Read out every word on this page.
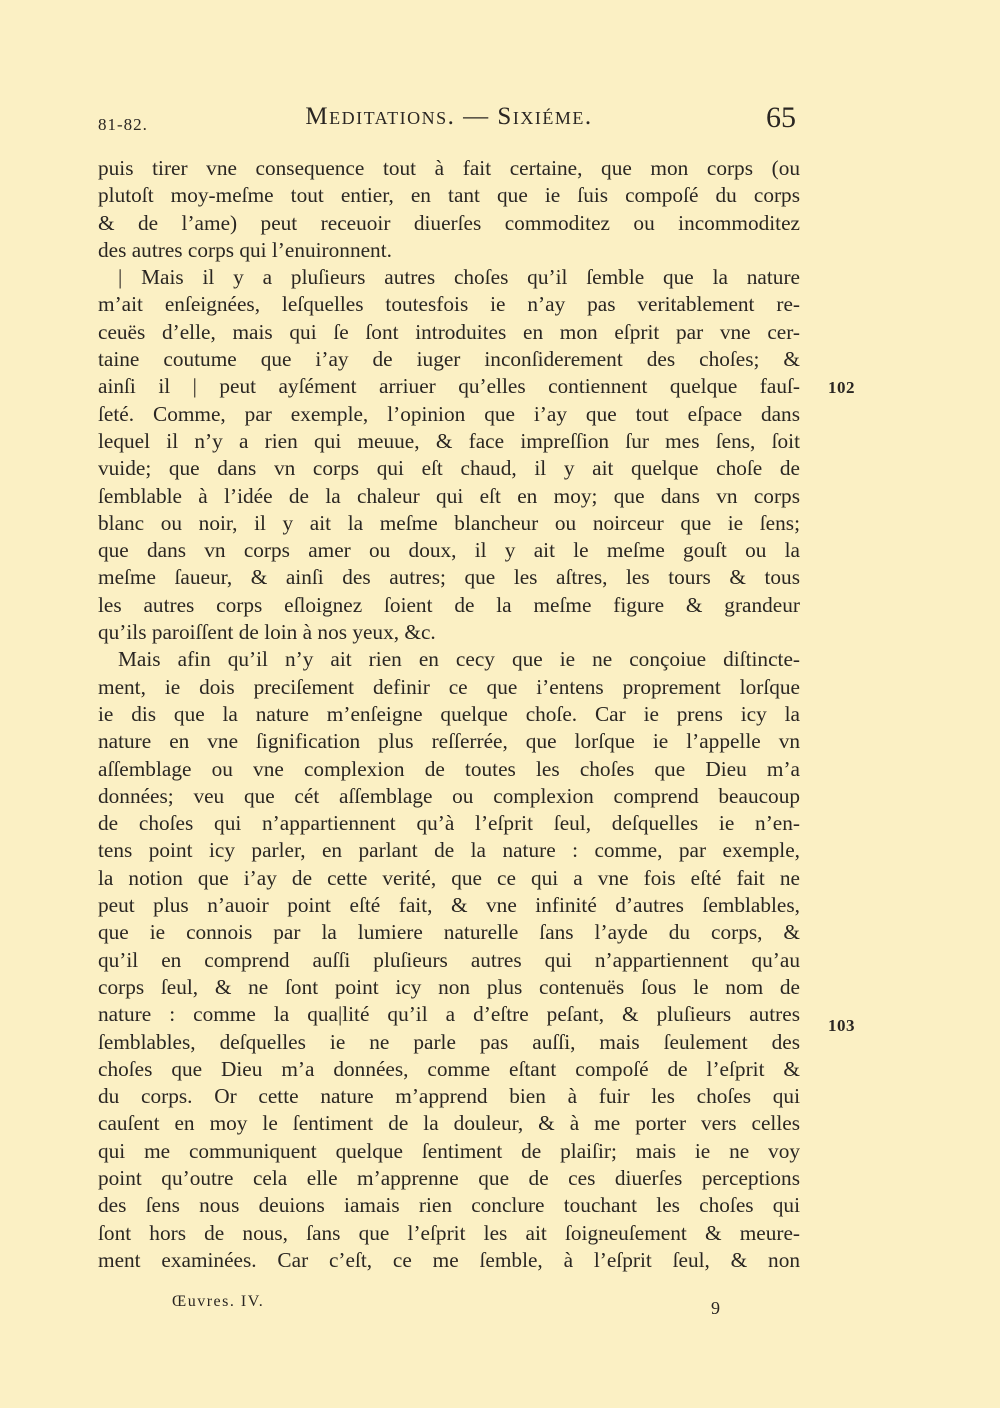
81-82.	Meditations. — Sixiéme.	65
puis tirer vne consequence tout à fait certaine, que mon corps (ou
plutoſt moy-meſme tout entier, en tant que ie ſuis compoſé du corps
& de l’ame) peut receuoir diuerſes commoditez ou incommoditez
des autres corps qui l’enuironnent.
| Mais il y a pluſieurs autres choſes qu’il ſemble que la nature
m’ait enſeignées, leſquelles toutesfois ie n’ay pas veritablement re-
ceuës d’elle, mais qui ſe ſont introduites en mon eſprit par vne cer-
taine coutume que i’ay de iuger inconſiderement des choſes; &
ainſi il | peut ayſément arriuer qu’elles contiennent quelque fauſ-
ſeté. Comme, par exemple, l’opinion que i’ay que tout eſpace dans
lequel il n’y a rien qui meuue, & face impreſſion ſur mes ſens, ſoit
vuide; que dans vn corps qui eſt chaud, il y ait quelque choſe de
ſemblable à l’idée de la chaleur qui eſt en moy; que dans vn corps
blanc ou noir, il y ait la meſme blancheur ou noirceur que ie ſens;
que dans vn corps amer ou doux, il y ait le meſme gouſt ou la
meſme ſaueur, & ainſi des autres; que les aſtres, les tours & tous
les autres corps eſloignez ſoient de la meſme figure & grandeur
qu’ils paroiſſent de loin à nos yeux, &c.
Mais afin qu’il n’y ait rien en cecy que ie ne conçoiue diſtinctе-
ment, ie dois preciſement definir ce que i’entens proprement lorſque
ie dis que la nature m’enſeigne quelque choſe. Car ie prens icy la
nature en vne ſignification plus reſſerrée, que lorſque ie l’appelle vn
aſſemblage ou vne complexion de toutes les choſes que Dieu m’a
données; veu que cét aſſemblage ou complexion comprend beaucoup
de choſes qui n’appartiennent qu’à l’eſprit ſeul, deſquelles ie n’en-
tens point icy parler, en parlant de la nature : comme, par exemple,
la notion que i’ay de cette verité, que ce qui a vne fois eſté fait ne
peut plus n’auoir point eſté fait, & vne infinité d’autres ſemblables,
que ie connois par la lumiere naturelle ſans l’ayde du corps, &
qu’il en comprend auſſi pluſieurs autres qui n’appartiennent qu’au
corps ſeul, & ne ſont point icy non plus contenuës ſous le nom de
nature : comme la qua|lité qu’il a d’eſtre peſant, & pluſieurs autres
ſemblables, deſquelles ie ne parle pas auſſi, mais ſeulement des
choſes que Dieu m’a données, comme eſtant compoſé de l’eſprit &
du corps. Or cette nature m’apprend bien à fuir les choſes qui
cauſent en moy le ſentiment de la douleur, & à me porter vers celles
qui me communiquent quelque ſentiment de plaiſir; mais ie ne voy
point qu’outre cela elle m’apprenne que de ces diuerſes perceptions
des ſens nous deuions iamais rien conclure touchant les choſes qui
ſont hors de nous, ſans que l’eſprit les ait ſoigneuſement & meure-
ment examinées. Car c’eſt, ce me ſemble, à l’eſprit ſeul, & non
102
103
Œuvres. IV.	9
